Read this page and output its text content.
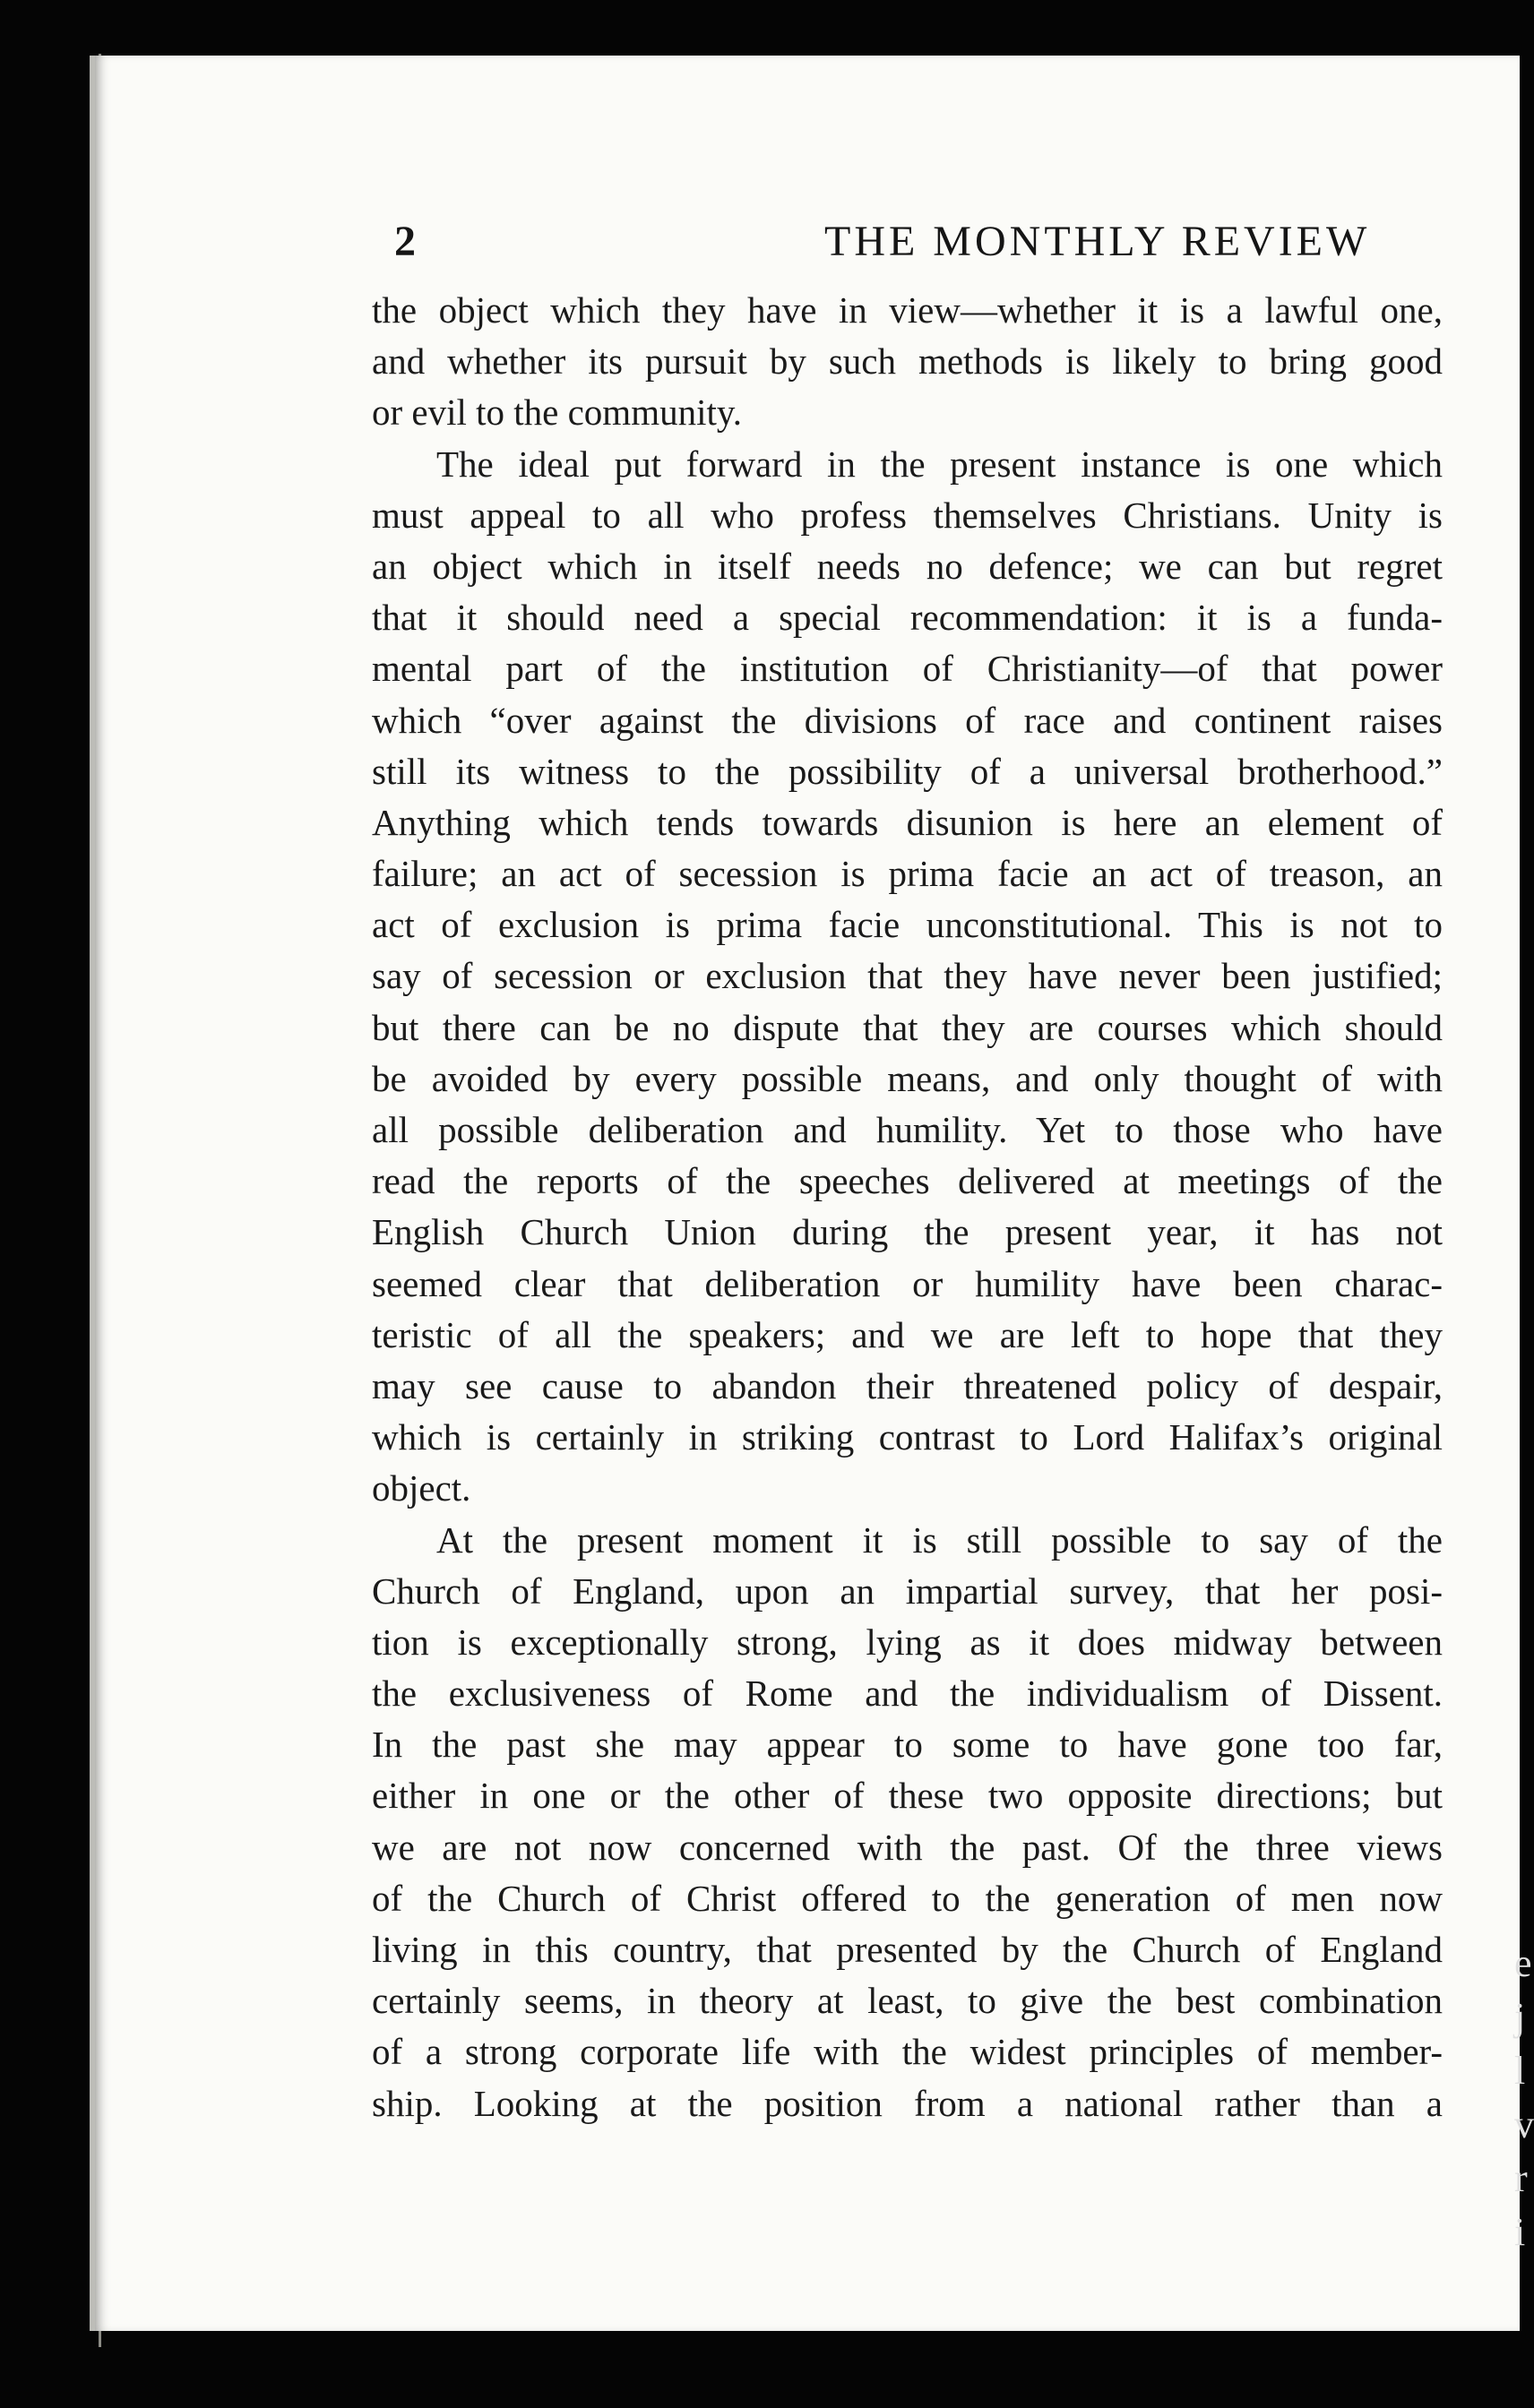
2	THE MONTHLY REVIEW
the object which they have in view—whether it is a lawful one,
and whether its pursuit by such methods is likely to bring good
or evil to the community.
The ideal put forward in the present instance is one which
must appeal to all who profess themselves Christians. Unity is
an object which in itself needs no defence; we can but regret
that it should need a special recommendation: it is a funda-
mental part of the institution of Christianity—of that power
which “over against the divisions of race and continent raises
still its witness to the possibility of a universal brotherhood.”
Anything which tends towards disunion is here an element of
failure; an act of secession is prima facie an act of treason, an
act of exclusion is prima facie unconstitutional. This is not to
say of secession or exclusion that they have never been justified;
but there can be no dispute that they are courses which should
be avoided by every possible means, and only thought of with
all possible deliberation and humility. Yet to those who have
read the reports of the speeches delivered at meetings of the
English Church Union during the present year, it has not
seemed clear that deliberation or humility have been charac-
teristic of all the speakers; and we are left to hope that they
may see cause to abandon their threatened policy of despair,
which is certainly in striking contrast to Lord Halifax’s original
object.
At the present moment it is still possible to say of the
Church of England, upon an impartial survey, that her posi-
tion is exceptionally strong, lying as it does midway between
the exclusiveness of Rome and the individualism of Dissent.
In the past she may appear to some to have gone too far,
either in one or the other of these two opposite directions; but
we are not now concerned with the past. Of the three views
of the Church of Christ offered to the generation of men now
living in this country, that presented by the Church of England
certainly seems, in theory at least, to give the best combination
of a strong corporate life with the widest principles of member-
ship. Looking at the position from a national rather than a
e
j
l
v
r
i
